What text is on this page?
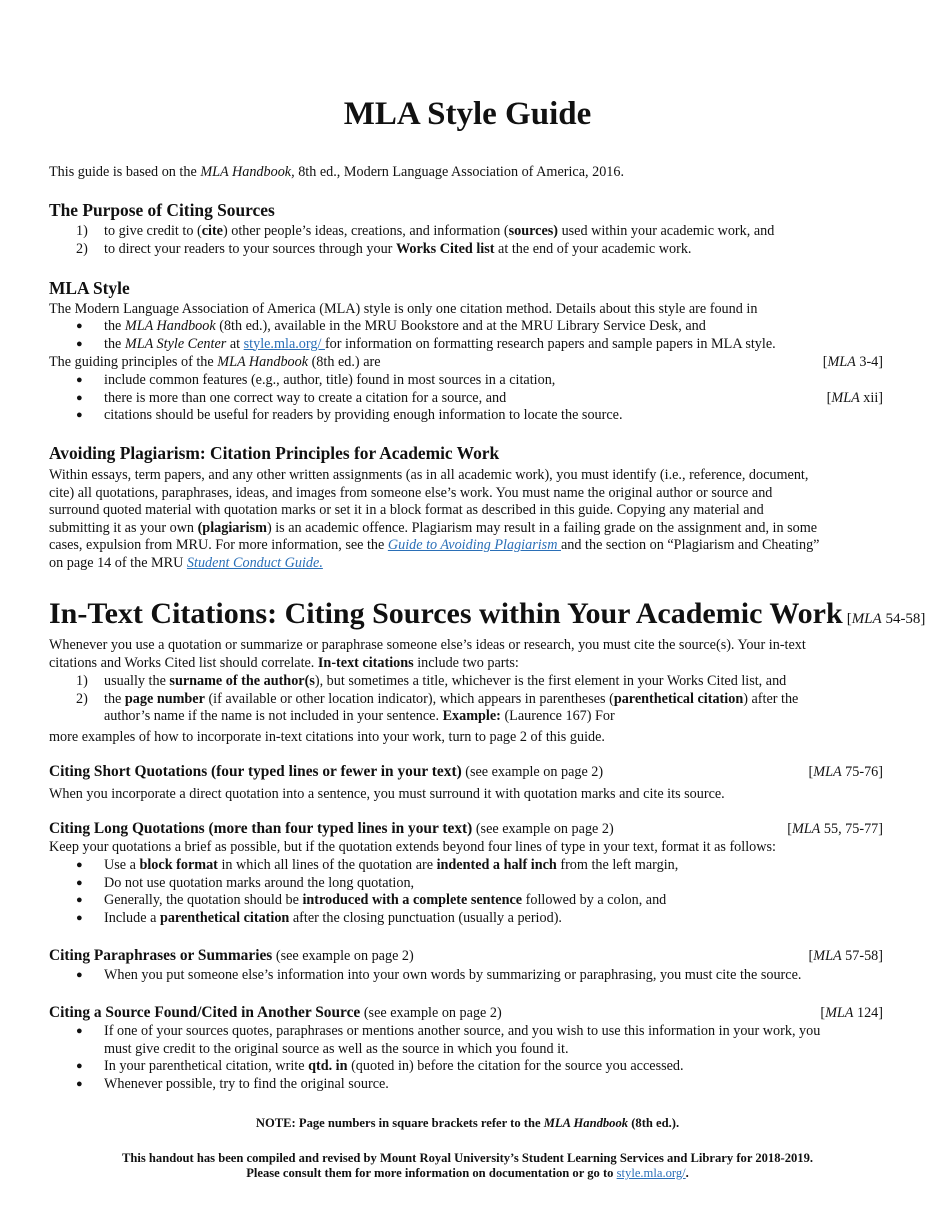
MLA Style Guide
This guide is based on the MLA Handbook, 8th ed., Modern Language Association of America, 2016.
The Purpose of Citing Sources
1) to give credit to (cite) other people’s ideas, creations, and information (sources) used within your academic work, and
2) to direct your readers to your sources through your Works Cited list at the end of your academic work.
MLA Style
The Modern Language Association of America (MLA) style is only one citation method. Details about this style are found in
● the MLA Handbook (8th ed.), available in the MRU Bookstore and at the MRU Library Service Desk, and
● the MLA Style Center at style.mla.org/ for information on formatting research papers and sample papers in MLA style.
The guiding principles of the MLA Handbook (8th ed.) are	[MLA 3-4]
● include common features (e.g., author, title) found in most sources in a citation,
● there is more than one correct way to create a citation for a source, and	[MLA xii]
● citations should be useful for readers by providing enough information to locate the source.
Avoiding Plagiarism: Citation Principles for Academic Work
Within essays, term papers, and any other written assignments (as in all academic work), you must identify (i.e., reference, document,
cite) all quotations, paraphrases, ideas, and images from someone else’s work. You must name the original author or source and
surround quoted material with quotation marks or set it in a block format as described in this guide. Copying any material and
submitting it as your own (plagiarism) is an academic offence. Plagiarism may result in a failing grade on the assignment and, in some
cases, expulsion from MRU. For more information, see the Guide to Avoiding Plagiarism and the section on “Plagiarism and Cheating”
on page 14 of the MRU Student Conduct Guide.
In-Text Citations: Citing Sources within Your Academic Work [MLA 54-58]
Whenever you use a quotation or summarize or paraphrase someone else’s ideas or research, you must cite the source(s). Your in-text
citations and Works Cited list should correlate. In-text citations include two parts:
1) usually the surname of the author(s), but sometimes a title, whichever is the first element in your Works Cited list, and
2) the page number (if available or other location indicator), which appears in parentheses (parenthetical citation) after the
author’s name if the name is not included in your sentence. Example: (Laurence 167) For
more examples of how to incorporate in-text citations into your work, turn to page 2 of this guide.
Citing Short Quotations (four typed lines or fewer in your text) (see example on page 2)	[MLA 75-76]
When you incorporate a direct quotation into a sentence, you must surround it with quotation marks and cite its source.
Citing Long Quotations (more than four typed lines in your text) (see example on page 2)	[MLA 55, 75-77]
Keep your quotations a brief as possible, but if the quotation extends beyond four lines of type in your text, format it as follows:
● Use a block format in which all lines of the quotation are indented a half inch from the left margin,
● Do not use quotation marks around the long quotation,
● Generally, the quotation should be introduced with a complete sentence followed by a colon, and
● Include a parenthetical citation after the closing punctuation (usually a period).
Citing Paraphrases or Summaries (see example on page 2)	[MLA 57-58]
● When you put someone else’s information into your own words by summarizing or paraphrasing, you must cite the source.
Citing a Source Found/Cited in Another Source (see example on page 2)	[MLA 124]
● If one of your sources quotes, paraphrases or mentions another source, and you wish to use this information in your work, you
must give credit to the original source as well as the source in which you found it.
● In your parenthetical citation, write qtd. in (quoted in) before the citation for the source you accessed.
● Whenever possible, try to find the original source.
NOTE: Page numbers in square brackets refer to the MLA Handbook (8th ed.).
This handout has been compiled and revised by Mount Royal University’s Student Learning Services and Library for 2018-2019.
Please consult them for more information on documentation or go to style.mla.org/.
